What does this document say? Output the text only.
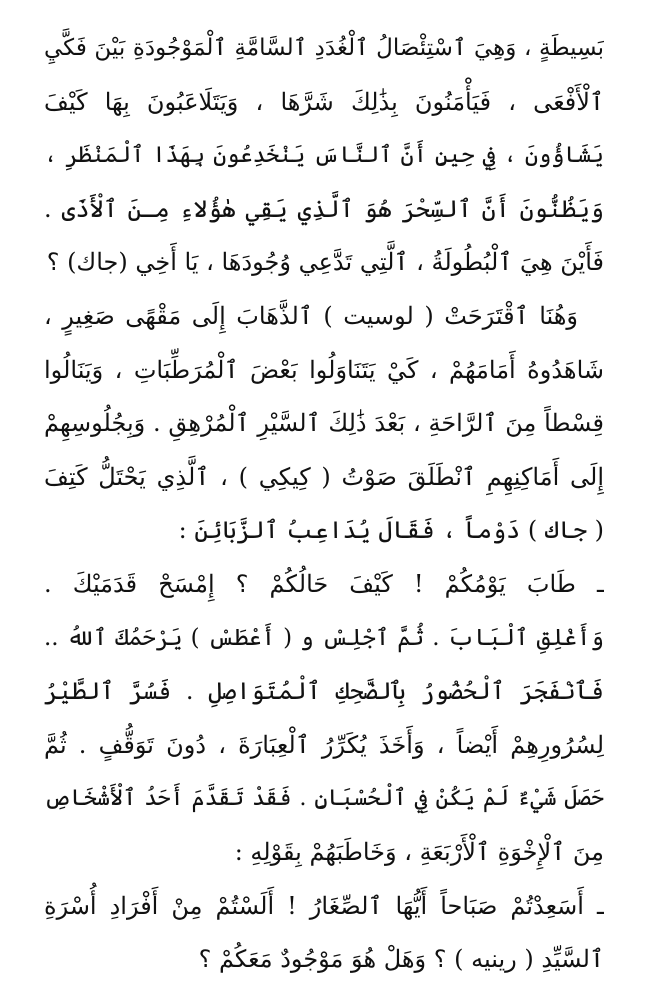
بَسِيطَةٍ ، وَهِيَ ٱسْتِئْصَالُ ٱلْغُدَدِ ٱلسَّامَّةِ ٱلْمَوْجُودَةِ بَيْنَ فَكَّيِ
ٱلْأَفْعَى ، فَيَأْمَنُونَ بِذَٰلِكَ شَرَّهَا ، وَيَتَلَاعَبُونَ بِهَا كَيْفَ
يَشَاؤُونَ ، فِي حِينِ أَنَّ ٱلنَّاسَ يَنْخَدِعُونَ بِهَذَا ٱلْمَنْظَرِ ،
وَيَظُنُّونَ أَنَّ ٱلسِّحْرَ هُوَ ٱلَّذِي يَقِي هٰؤُلاءِ مِـنَ ٱلْأَذَى .
فَأَيْنَ هِيَ ٱلْبُطُولَةُ ، ٱلَّتِي تَدَّعِي وُجُودَهَا ، يَا أَخِي (جاك) ؟
وَهُنَا ٱقْتَرَحَتْ ( لوسيت ) ٱلذَّهَابَ إِلَى مَقْهًى صَغِيرٍ ،
شَاهَدُوهُ أَمَامَهُمْ ، كَيْ يَتَنَاوَلُوا بَعْضَ ٱلْمُرَطِّبَاتِ ، وَيَنَالُوا
قِسْطاً مِنَ ٱلرَّاحَةِ ، بَعْدَ ذَٰلِكَ ٱلسَّيْرِ ٱلْمُرْهِقِ . وَبِجُلُوسِهِمْ
إِلَى أَمَاكِنِهِمِ ٱنْطَلَقَ صَوْتُ ( كِيكِي ) ، ٱلَّذِي يَحْتَلُّ كَتِفَ
( جاك ) دَوْماً ، فَقَالَ يُدَاعِبُ ٱلزَّبَائِنَ :
ـ طَابَ يَوْمُكُمْ ! كَيْفَ حَالُكُمْ ؟ إِمْسَحْ قَدَمَيْكَ .
وَأَغْلِقِ ٱلْبَابَ . ثُمَّ ٱجْلِسْ و ( أَعْطَسْ ) يَرْحَمُكَ ٱللهُ ..
فَٱنْفَجَرَ ٱلْحُضُورُ بِٱلضَّحِكِ ٱلْمُتَوَاصِلِ . فَسُرَّ ٱلطَّيْرُ
لِسُرُورِهِمْ أَيْضاً ، وَأَخَذَ يُكَرِّرُ ٱلْعِبَارَةَ ، دُونَ تَوَقُّفٍ . ثُمَّ
حَصَلَ شَيْءٌ لَمْ يَكُنْ فِي ٱلْحُسْبَانِ . فَقَدْ تَقَدَّمَ أَحَدُ ٱلْأَشْخَاصِ
مِنَ ٱلْإِخْوَةِ ٱلْأَرْبَعَةِ ، وَخَاطَبَهُمْ بِقَوْلِهِ :
ـ أَسَعِدْتُمْ صَبَاحاً أَيُّهَا ٱلصِّغَارُ ! أَلَسْتُمْ مِنْ أَفْرَادِ أُسْرَةِ
ٱلسَّيِّدِ ( رينيه ) ؟ وَهَلْ هُوَ مَوْجُودٌ مَعَكُمْ ؟
